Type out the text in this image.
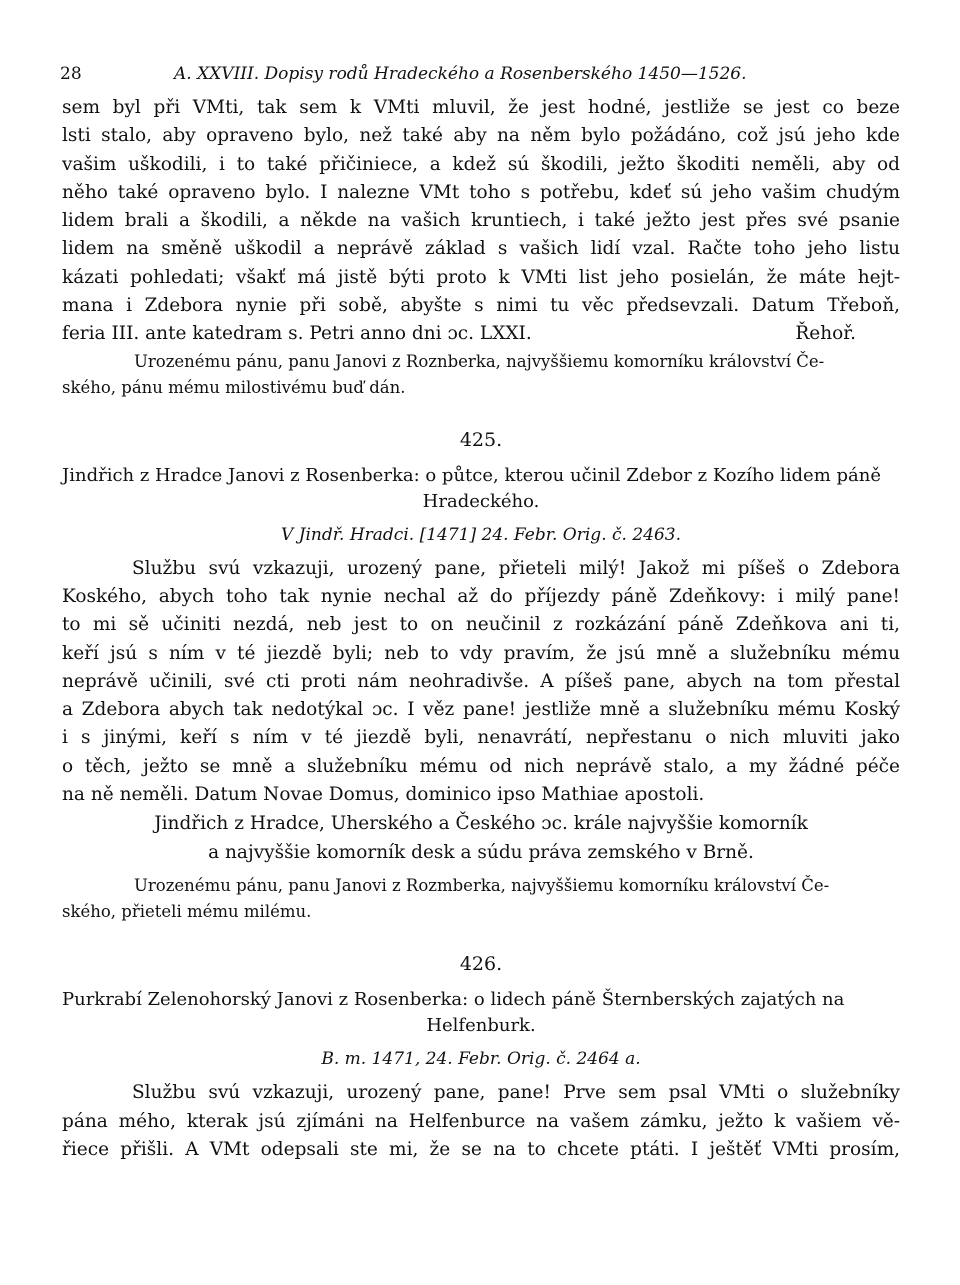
28	A. XXVIII. Dopisy rodů Hradeckého a Rosenberského 1450—1526.
sem byl při VMti, tak sem k VMti mluvil, že jest hodné, jestliže se jest co beze
lsti stalo, aby opraveno bylo, než také aby na něm bylo požádáno, což jsú jeho kde
vašim uškodili, i to také přičiniece, a kdež sú škodili, ježto škoditi neměli, aby od
něho také opraveno bylo. I nalezne VMt toho s potřebu, kdeť sú jeho vašim chudým
lidem brali a škodili, a někde na vašich kruntiech, i také ježto jest přes své psanie
lidem na směně uškodil a neprávě základ s vašich lidí vzal. Račte toho jeho listu
kázati pohledati; všakť má jistě býti proto k VMti list jeho posielán, že máte hejt-
mana i Zdebora nynie při sobě, abyšte s nimi tu věc předsevzali. Datum Třeboň,
feria III. ante katedram s. Petri anno dni ɔc. LXXI.	Řehoř.
Urozenému pánu, panu Janovi z Roznberka, najvyššiemu komorníku království Če-
ského, pánu mému milostivému buď dán.
425.
Jindřich z Hradce Janovi z Rosenberka: o půtce, kterou učinil Zdebor z Kozího lidem páně
Hradeckého.
V Jindř. Hradci. [1471] 24. Febr. Orig. č. 2463.
Službu svú vzkazuji, urozený pane, přieteli milý! Jakož mi píšeš o Zdebora
Koského, abych toho tak nynie nechal až do příjezdy páně Zdeňkovy: i milý pane!
to mi sě učiniti nezdá, neb jest to on neučinil z rozkázání páně Zdeňkova ani ti,
keří jsú s ním v té jiezdě byli; neb to vdy pravím, že jsú mně a služebníku mému
neprávě učinili, své cti proti nám neohradivše. A píšeš pane, abych na tom přestal
a Zdebora abych tak nedotýkal ɔc. I věz pane! jestliže mně a služebníku mému Koský
i s jinými, keří s ním v té jiezdě byli, nenavrátí, nepřestanu o nich mluviti jako
o těch, ježto se mně a služebníku mému od nich neprávě stalo, a my žádné péče
na ně neměli. Datum Novae Domus, dominico ipso Mathiae apostoli.
Jindřich z Hradce, Uherského a Českého ɔc. krále najvyššie komorník
a najvyššie komorník desk a súdu práva zemského v Brně.
Urozenému pánu, panu Janovi z Rozmberka, najvyššiemu komorníku království Če-
ského, přieteli mému milému.
426.
Purkrabí Zelenohorský Janovi z Rosenberka: o lidech páně Šternberských zajatých na
Helfenburk.
B. m. 1471, 24. Febr. Orig. č. 2464 a.
Službu svú vzkazuji, urozený pane, pane! Prve sem psal VMti o služebníky
pána mého, kterak jsú zjímáni na Helfenburce na vašem zámku, ježto k vašiem vě-
řiece přišli. A VMt odepsali ste mi, že se na to chcete ptáti. I ještěť VMti prosím,
